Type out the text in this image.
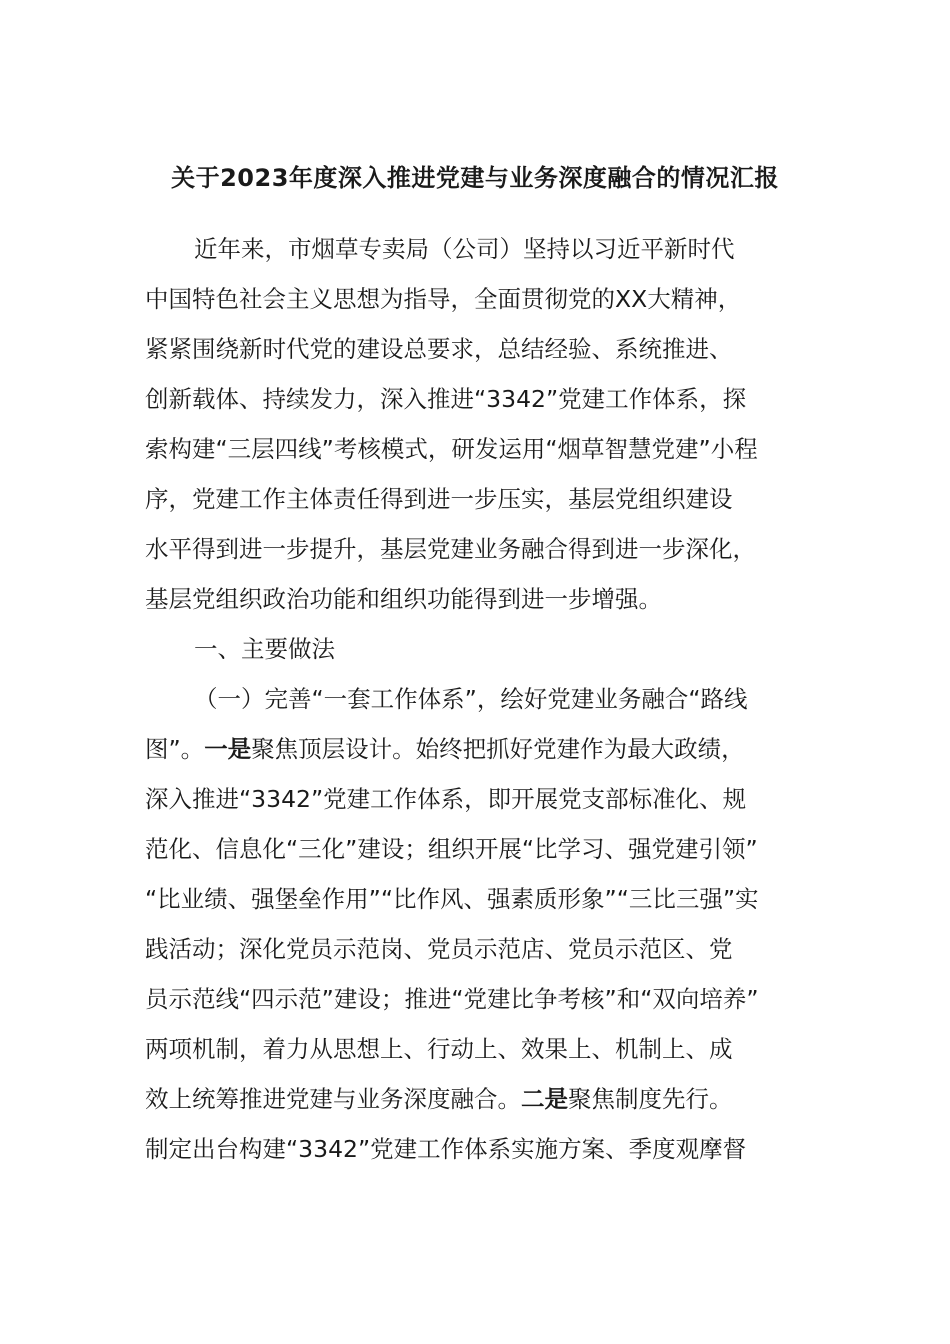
关于2023年度深入推进党建与业务深度融合的情况汇报
近年来，市烟草专卖局（公司）坚持以习近平新时代
中国特色社会主义思想为指导，全面贯彻党的XX大精神，
紧紧围绕新时代党的建设总要求，总结经验、系统推进、
创新载体、持续发力，深入推进“3342”党建工作体系，探
索构建“三层四线”考核模式，研发运用“烟草智慧党建”小程
序，党建工作主体责任得到进一步压实，基层党组织建设
水平得到进一步提升，基层党建业务融合得到进一步深化，
基层党组织政治功能和组织功能得到进一步增强。
一、主要做法
（一）完善“一套工作体系”，绘好党建业务融合“路线
图”。一是聚焦顶层设计。始终把抓好党建作为最大政绩，
深入推进“3342”党建工作体系，即开展党支部标准化、规
范化、信息化“三化”建设；组织开展“比学习、强党建引领”
“比业绩、强堡垒作用”“比作风、强素质形象”“三比三强”实
践活动；深化党员示范岗、党员示范店、党员示范区、党
员示范线“四示范”建设；推进“党建比争考核”和“双向培养”
两项机制，着力从思想上、行动上、效果上、机制上、成
效上统筹推进党建与业务深度融合。二是聚焦制度先行。
制定出台构建“3342”党建工作体系实施方案、季度观摩督
